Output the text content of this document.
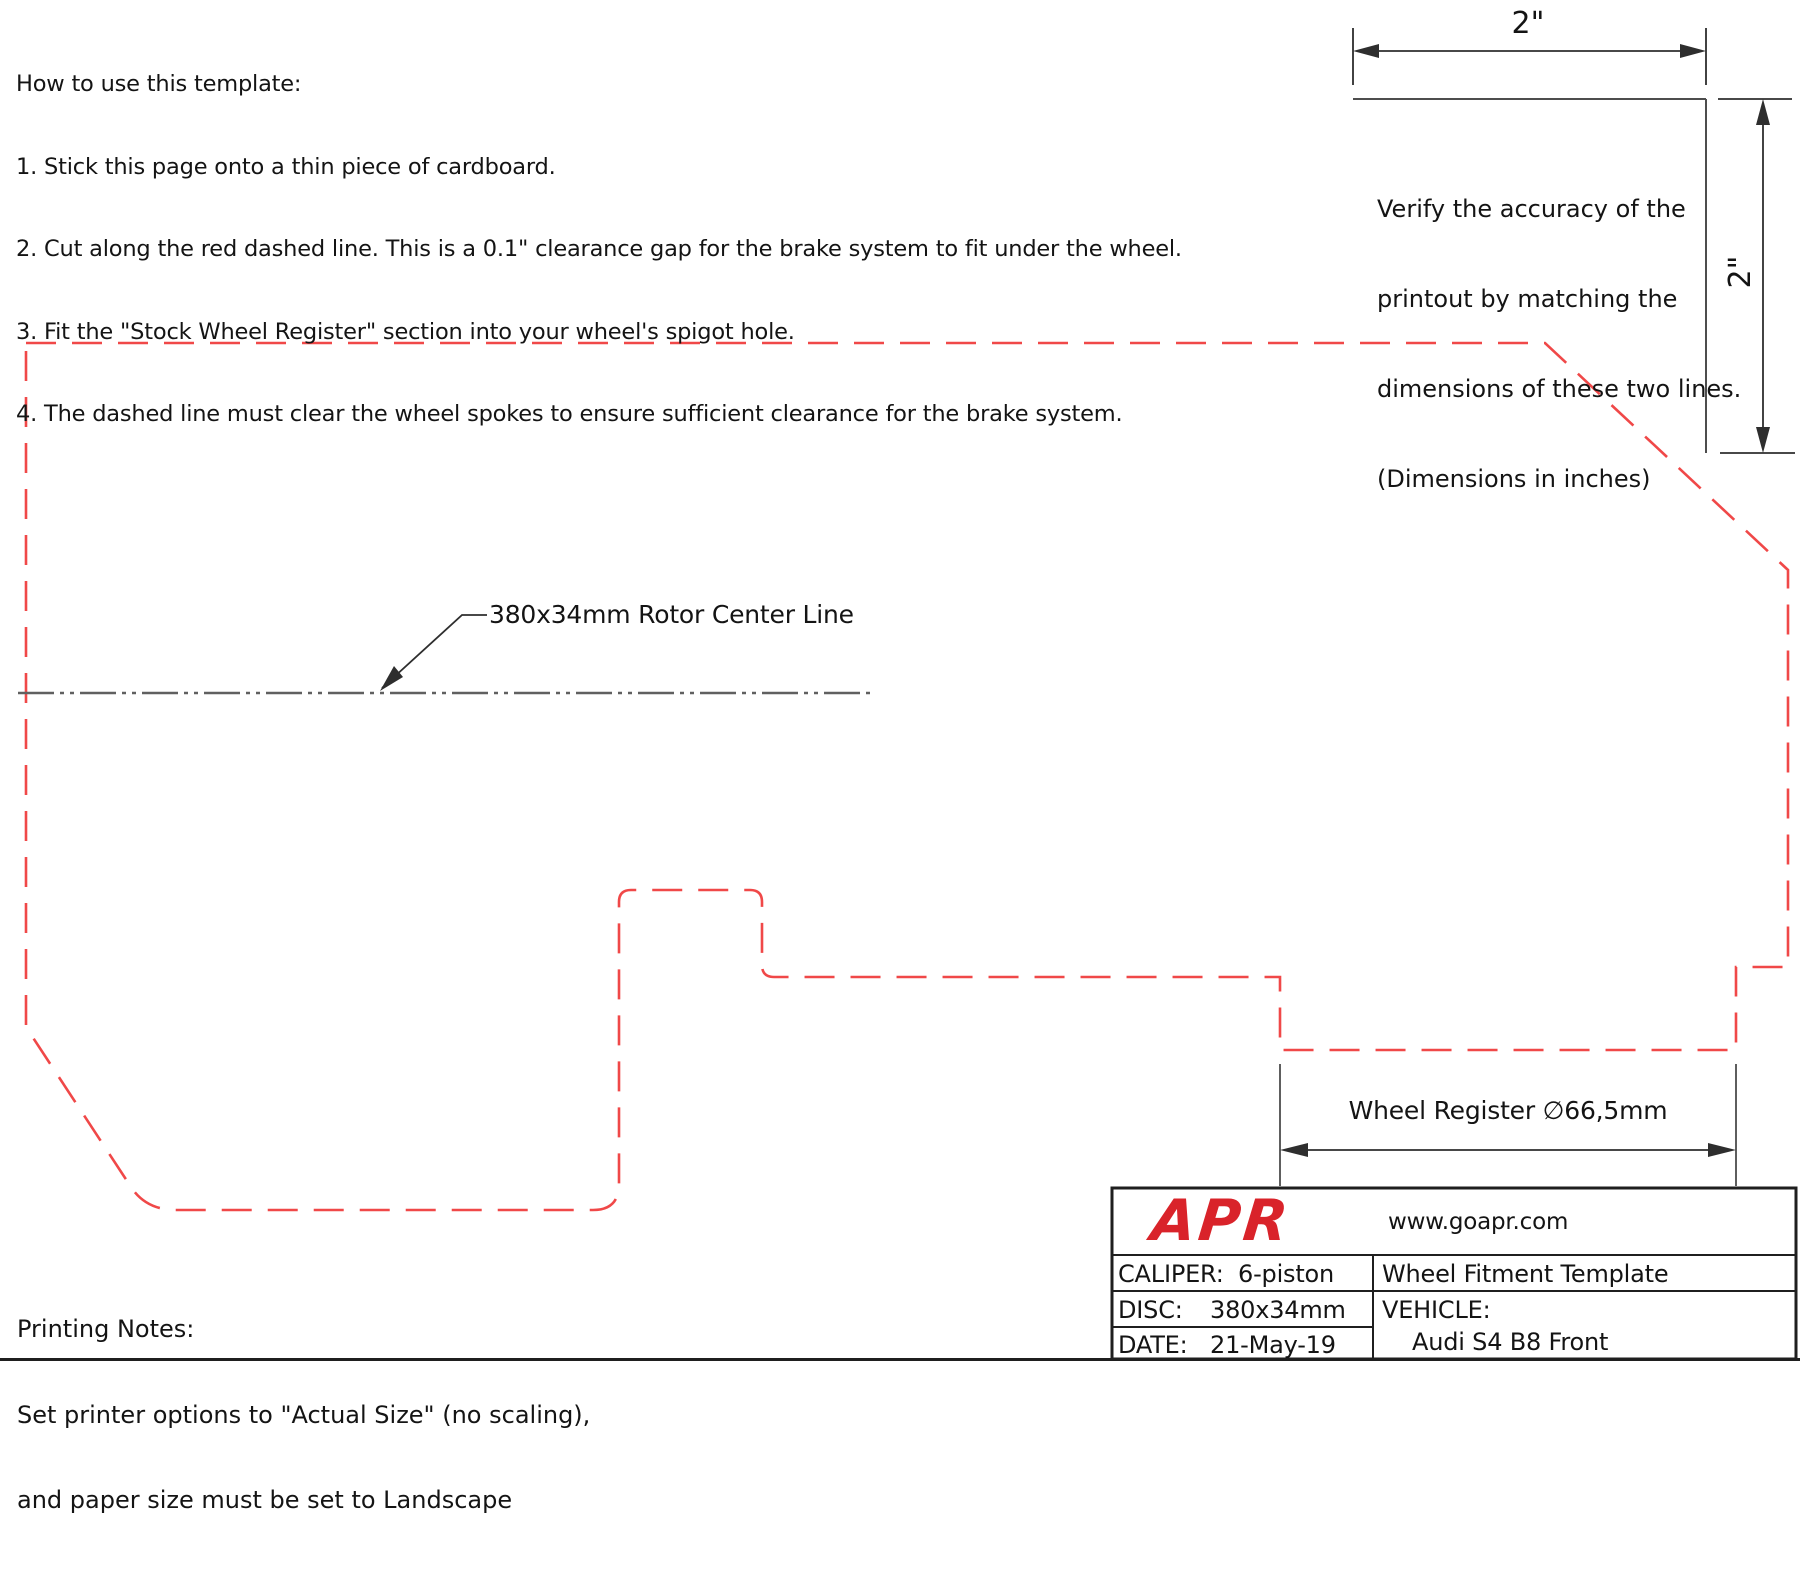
How to use this template:

1. Stick this page onto a thin piece of cardboard.

2. Cut along the red dashed line. This is a 0.1" clearance gap for the brake system to fit under the wheel.

3. Fit the "Stock Wheel Register" section into your wheel's spigot hole.

4. The dashed line must clear the wheel spokes to ensure sufficient clearance for the brake system.

Verify the accuracy of the

printout by matching the

dimensions of these two lines.

(Dimensions in inches)

2"
2"
380x34mm Rotor Center Line
Wheel Register ∅66,5mm

Printing Notes:

Set printer options to "Actual Size" (no scaling),

and paper size must be set to Landscape

APR	www.goapr.com
CALIPER: 6-piston
DISC: 380x34mm
DATE: 21-May-19
Wheel Fitment Template
VEHICLE:
Audi S4 B8 Front
